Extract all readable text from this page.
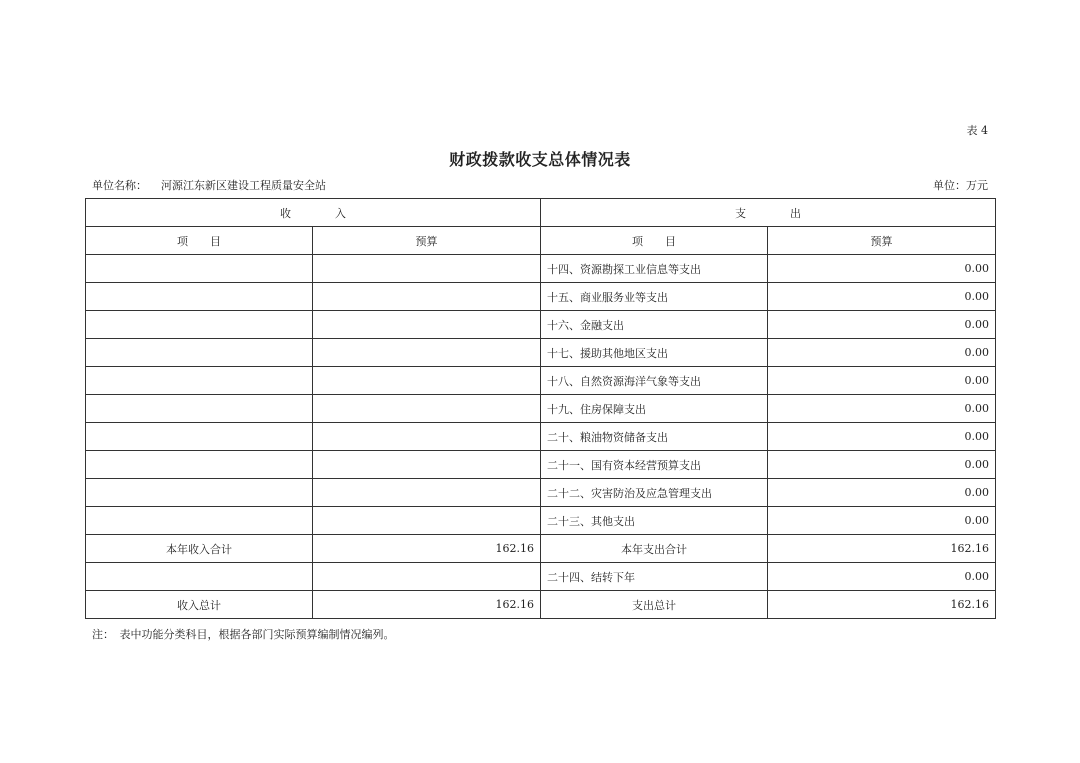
表 4
财政拨款收支总体情况表
单位名称： 河源江东新区建设工程质量安全站	单位：万元
收　　　　入		支　　　　出	
项　　目	预算	项　　目	预算
		十四、资源勘探工业信息等支出	0.00
		十五、商业服务业等支出	0.00
		十六、金融支出	0.00
		十七、援助其他地区支出	0.00
		十八、自然资源海洋气象等支出	0.00
		十九、住房保障支出	0.00
		二十、粮油物资储备支出	0.00
		二十一、国有资本经营预算支出	0.00
		二十二、灾害防治及应急管理支出	0.00
		二十三、其他支出	0.00
本年收入合计	162.16	本年支出合计	162.16
		二十四、结转下年	0.00
收入总计	162.16	支出总计	162.16
注：　表中功能分类科目，根据各部门实际预算编制情况编列。
